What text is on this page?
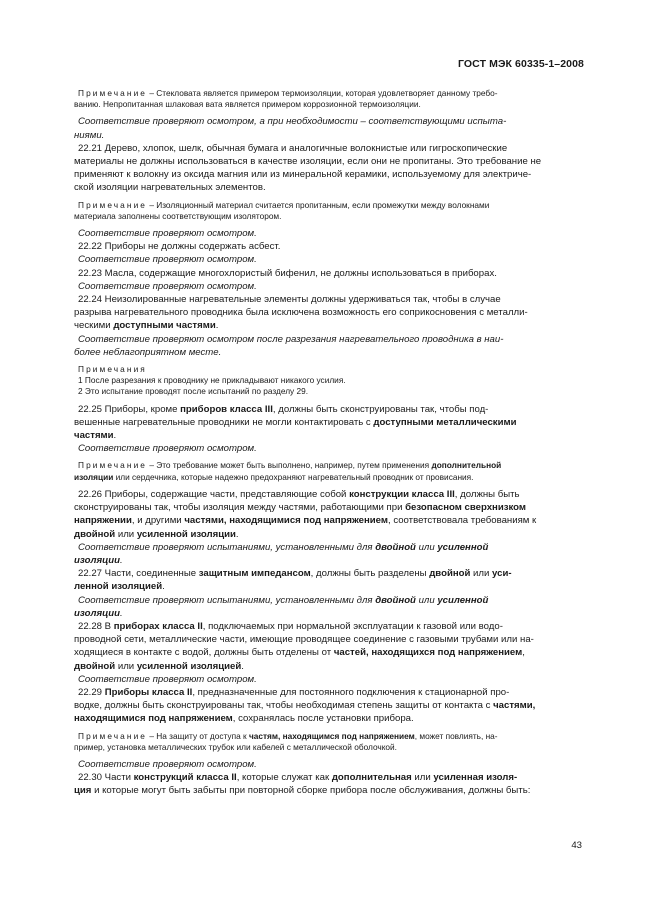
ГОСТ МЭК 60335-1–2008

Примечание – Стекловата является примером термоизоляции, которая удовлетворяет данному требо-

ванию. Непропитанная шлаковая вата является примером коррозионной термоизоляции.

Соответствие проверяют осмотром, а при необходимости – соответствующими испыта-

ниями.

22.21 Дерево, хлопок, шелк, обычная бумага и аналогичные волокнистые или гигроскопические

материалы не должны использоваться в качестве изоляции, если они не пропитаны. Это требование не

применяют к волокну из оксида магния или из минеральной керамики, используемому для электриче-

ской изоляции нагревательных элементов.

Примечание – Изоляционный материал считается пропитанным, если промежутки между волокнами

материала заполнены соответствующим изолятором.

Соответствие проверяют осмотром.

22.22 Приборы не должны содержать асбест.

Соответствие проверяют осмотром.

22.23 Масла, содержащие многохлористый бифенил, не должны использоваться в приборах.

Соответствие проверяют осмотром.

22.24 Неизолированные нагревательные элементы должны удерживаться так, чтобы в случае

разрыва нагревательного проводника была исключена возможность его соприкосновения с металли-

ческими доступными частями.

Соответствие проверяют осмотром после разрезания нагревательного проводника в наи-

более неблагоприятном месте.

Примечания

1 После разрезания к проводнику не прикладывают никакого усилия.

2 Это испытание проводят после испытаний по разделу 29.

22.25 Приборы, кроме приборов класса III, должны быть сконструированы так, чтобы под-

вешенные нагревательные проводники не могли контактировать с доступными металлическими

частями.

Соответствие проверяют осмотром.

Примечание – Это требование может быть выполнено, например, путем применения дополнительной

изоляции или сердечника, которые надежно предохраняют нагревательный проводник от провисания.

22.26 Приборы, содержащие части, представляющие собой конструкции класса III, должны быть

сконструированы так, чтобы изоляция между частями, работающими при безопасном сверхнизком

напряжении, и другими частями, находящимися под напряжением, соответствовала требованиям к

двойной или усиленной изоляции.

Соответствие проверяют испытаниями, установленными для двойной или усиленной

изоляции.

22.27 Части, соединенные защитным импедансом, должны быть разделены двойной или уси-

ленной изоляцией.

Соответствие проверяют испытаниями, установленными для двойной или усиленной

изоляции.

22.28 В приборах класса II, подключаемых при нормальной эксплуатации к газовой или водо-

проводной сети, металлические части, имеющие проводящее соединение с газовыми трубами или на-

ходящиеся в контакте с водой, должны быть отделены от частей, находящихся под напряжением,

двойной или усиленной изоляцией.

Соответствие проверяют осмотром.

22.29 Приборы класса II, предназначенные для постоянного подключения к стационарной про-

водке, должны быть сконструированы так, чтобы необходимая степень защиты от контакта с частями,

находящимися под напряжением, сохранялась после установки прибора.

Примечание – На защиту от доступа к частям, находящимся под напряжением, может повлиять, на-

пример, установка металлических трубок или кабелей с металлической оболочкой.

Соответствие проверяют осмотром.

22.30 Части конструкций класса II, которые служат как дополнительная или усиленная изоля-

ция и которые могут быть забыты при повторной сборке прибора после обслуживания, должны быть:

43
